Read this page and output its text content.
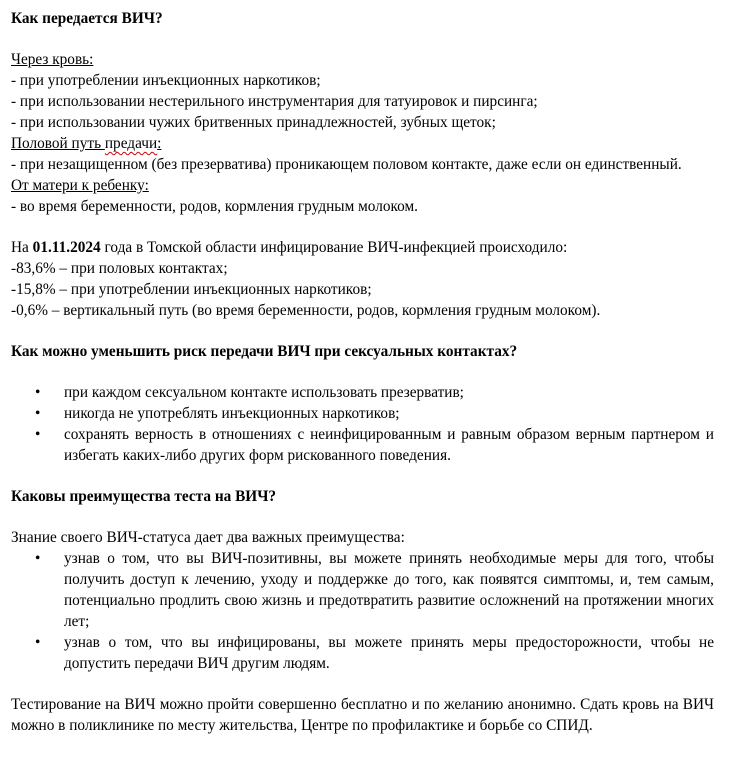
Как передается ВИЧ?

Через кровь:

- при употреблении инъекционных наркотиков;

- при использовании нестерильного инструментария для татуировок и пирсинга;

- при использовании чужих бритвенных принадлежностей, зубных щеток;

Половой путь предачи:

- при незащищенном (без презерватива) проникающем половом контакте, даже если он единственный.

От матери к ребенку:

- во время беременности, родов, кормления грудным молоком.

На 01.11.2024 года в Томской области инфицирование ВИЧ-инфекцией происходило:

-83,6% – при половых контактах;

-15,8% – при употреблении инъекционных наркотиков;

-0,6% – вертикальный путь (во время беременности, родов, кормления грудным молоком).

Как можно уменьшить риск передачи ВИЧ при сексуальных контактах?

• при каждом сексуальном контакте использовать презерватив;
• никогда не употреблять инъекционных наркотиков;
• сохранять верность в отношениях с неинфицированным и равным образом верным партнером и избегать каких-либо других форм рискованного поведения.

Каковы преимущества теста на ВИЧ?

Знание своего ВИЧ-статуса дает два важных преимущества:

• узнав о том, что вы ВИЧ-позитивны, вы можете принять необходимые меры для того, чтобы получить доступ к лечению, уходу и поддержке до того, как появятся симптомы, и, тем самым, потенциально продлить свою жизнь и предотвратить развитие осложнений на протяжении многих лет;
• узнав о том, что вы инфицированы, вы можете принять меры предосторожности, чтобы не допустить передачи ВИЧ другим людям.

Тестирование на ВИЧ можно пройти совершенно бесплатно и по желанию анонимно. Сдать кровь на ВИЧ можно в поликлинике по месту жительства, Центре по профилактике и борьбе со СПИД.
